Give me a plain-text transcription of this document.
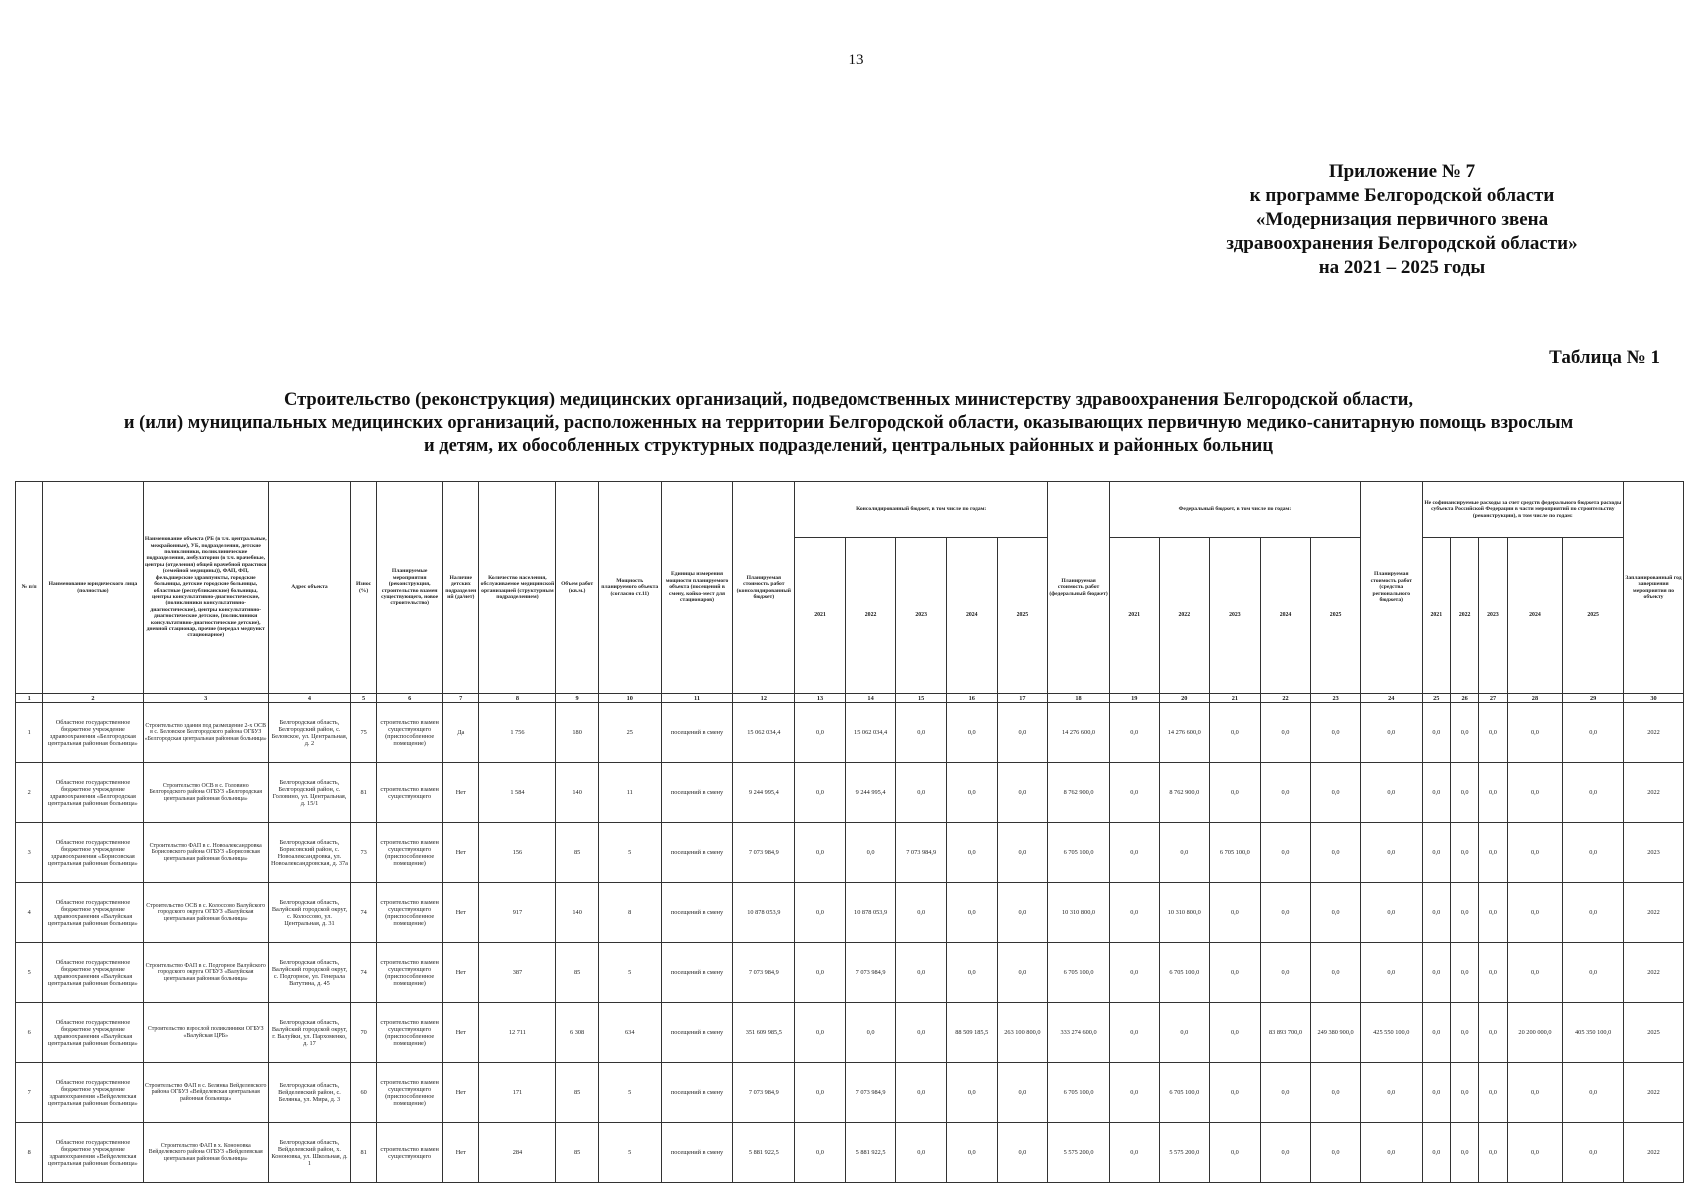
13
Приложение № 7
к программе Белгородской области
«Модернизация первичного звена
здравоохранения Белгородской области»
на 2021 – 2025 годы
Таблица № 1
Строительство (реконструкция) медицинских организаций, подведомственных министерству здравоохранения Белгородской области,
и (или) муниципальных медицинских организаций, расположенных на территории Белгородской области, оказывающих первичную медико-санитарную помощь взрослым
и детям, их обособленных структурных подразделений, центральных районных и районных больниц
№ п/п	Наименование юридического лица (полностью)	Наименование объекта (РБ (в т.ч. центральные, межрайонные), УБ, подразделения, детские поликлиники, поликлинические подразделения, амбулатории (в т.ч. врачебные, центры (отделения) общей врачебной практики (семейной медицины)), ФАП, ФП, фельдшерские здравпункты, городские больницы, детские городские больницы, областные (республиканские) больницы, центры консультативно-диагностические, (поликлиники консультативно-диагностические), центры консультативно-диагностические детские, (поликлиники консультативно-диагностические детские), дневной стационар, прочие (передал медпункт стационарное)	Адрес объекта	Износ (%)	Планируемые мероприятия (реконструкция, строительство взамен существующего, новое строительство)	Наличие детских подразделений (да/нет)	Количество населения, обслуживаемое медицинской организацией (структурным подразделением)	Объем работ (кв.м.)	Мощность планируемого объекта (согласно ст.11)	Единицы измерения мощности планируемого объекта (посещений в смену, койко-мест для стационаров)	Планируемая стоимость работ (консолидированный бюджет)	Консолидированный бюджет, в том числе по годам:					Планируемая стоимость работ (федеральный бюджет)	Федеральный бюджет, в том числе по годам:					Планируемая стоимость работ (средства регионального бюджета)	Не софинансируемые расходы за счет средств федерального бюджета расходы субъекта Российской Федерации в части мероприятий по строительству (реконструкции), в том числе по годам:					Запланированный год завершения мероприятия по объекту
												2021	2022	2023	2024	2025		2021	2022	2023	2024	2025		2021	2022	2023	2024	2025	
1	2	3	4	5	6	7	8	9	10	11	12	13	14	15	16	17	18	19	20	21	22	23	24	25	26	27	28	29	30
1	Областное государственное бюджетное учреждение здравоохранения «Белгородская центральная районная больница»	Строительство здания под размещение 2-х ОСВ в с. Беловское Белгородского района ОГБУЗ «Белгородская центральная районная больница»	Белгородская область, Белгородский район, с. Беловское, ул. Центральная, д. 2	75	строительство взамен существующего (приспособленное помещение)	Да	1 756	180	25	посещений в смену	15 062 034,4	0,0	15 062 034,4	0,0	0,0	0,0	14 276 600,0	0,0	14 276 600,0	0,0	0,0	0,0	0,0	0,0	0,0	0,0	0,0	0,0	2022
2	Областное государственное бюджетное учреждение здравоохранения «Белгородская центральная районная больница»	Строительство ОСВ в с. Головино Белгородского района ОГБУЗ «Белгородская центральная районная больница»	Белгородская область, Белгородский район, с. Головино, ул. Центральная, д. 15/1	81	строительство взамен существующего	Нет	1 584	140	11	посещений в смену	9 244 995,4	0,0	9 244 995,4	0,0	0,0	0,0	8 762 900,0	0,0	8 762 900,0	0,0	0,0	0,0	0,0	0,0	0,0	0,0	0,0	0,0	2022
3	Областное государственное бюджетное учреждение здравоохранения «Борисовская центральная районная больница»	Строительство ФАП в с. Новоалександровка Борисовского района ОГБУЗ «Борисовская центральная районная больница»	Белгородская область, Борисовский район, с. Новоалександровка, ул. Новоалександровская, д. 37а	73	строительство взамен существующего (приспособленное помещение)	Нет	156	85	5	посещений в смену	7 073 984,9	0,0	0,0	7 073 984,9	0,0	0,0	6 705 100,0	0,0	0,0	6 705 100,0	0,0	0,0	0,0	0,0	0,0	0,0	0,0	0,0	2023
4	Областное государственное бюджетное учреждение здравоохранения «Валуйская центральная районная больница»	Строительство ОСВ в с. Колоссово Валуйского городского округа ОГБУЗ «Валуйская центральная районная больница»	Белгородская область, Валуйский городской округ, с. Колоссово, ул. Центральная, д. 31	74	строительство взамен существующего (приспособленное помещение)	Нет	917	140	8	посещений в смену	10 878 053,9	0,0	10 878 053,9	0,0	0,0	0,0	10 310 800,0	0,0	10 310 800,0	0,0	0,0	0,0	0,0	0,0	0,0	0,0	0,0	0,0	2022
5	Областное государственное бюджетное учреждение здравоохранения «Валуйская центральная районная больница»	Строительство ФАП в с. Подгорное Валуйского городского округа ОГБУЗ «Валуйская центральная районная больница»	Белгородская область, Валуйский городской округ, с. Подгорное, ул. Генерала Ватутина, д. 45	74	строительство взамен существующего (приспособленное помещение)	Нет	387	85	5	посещений в смену	7 073 984,9	0,0	7 073 984,9	0,0	0,0	0,0	6 705 100,0	0,0	6 705 100,0	0,0	0,0	0,0	0,0	0,0	0,0	0,0	0,0	0,0	2022
6	Областное государственное бюджетное учреждение здравоохранения «Валуйская центральная районная больница»	Строительство взрослой поликлиники ОГБУЗ «Валуйская ЦРБ»	Белгородская область, Валуйский городской округ, г. Валуйки, ул. Пархоменко, д. 17	70	строительство взамен существующего (приспособленное помещение)	Нет	12 711	6 308	634	посещений в смену	351 609 985,5	0,0	0,0	0,0	88 509 185,5	263 100 800,0	333 274 600,0	0,0	0,0	0,0	83 893 700,0	249 380 900,0	425 550 100,0	0,0	0,0	0,0	20 200 000,0	405 350 100,0	2025
7	Областное государственное бюджетное учреждение здравоохранения «Вейделевская центральная районная больница»	Строительство ФАП в с. Белянка Вейделевского района ОГБУЗ «Вейделевская центральная районная больница»	Белгородская область, Вейделевский район, с. Белянка, ул. Мира, д. 3	60	строительство взамен существующего (приспособленное помещение)	Нет	171	85	5	посещений в смену	7 073 984,9	0,0	7 073 984,9	0,0	0,0	0,0	6 705 100,0	0,0	6 705 100,0	0,0	0,0	0,0	0,0	0,0	0,0	0,0	0,0	0,0	2022
8	Областное государственное бюджетное учреждение здравоохранения «Вейделевская центральная районная больница»	Строительство ФАП в х. Кононовка Вейделевского района ОГБУЗ «Вейделевская центральная районная больница»	Белгородская область, Вейделевский район, х. Кононовка, ул. Школьная, д. 1	81	строительство взамен существующего	Нет	284	85	5	посещений в смену	5 881 922,5	0,0	5 881 922,5	0,0	0,0	0,0	5 575 200,0	0,0	5 575 200,0	0,0	0,0	0,0	0,0	0,0	0,0	0,0	0,0	0,0	2022
